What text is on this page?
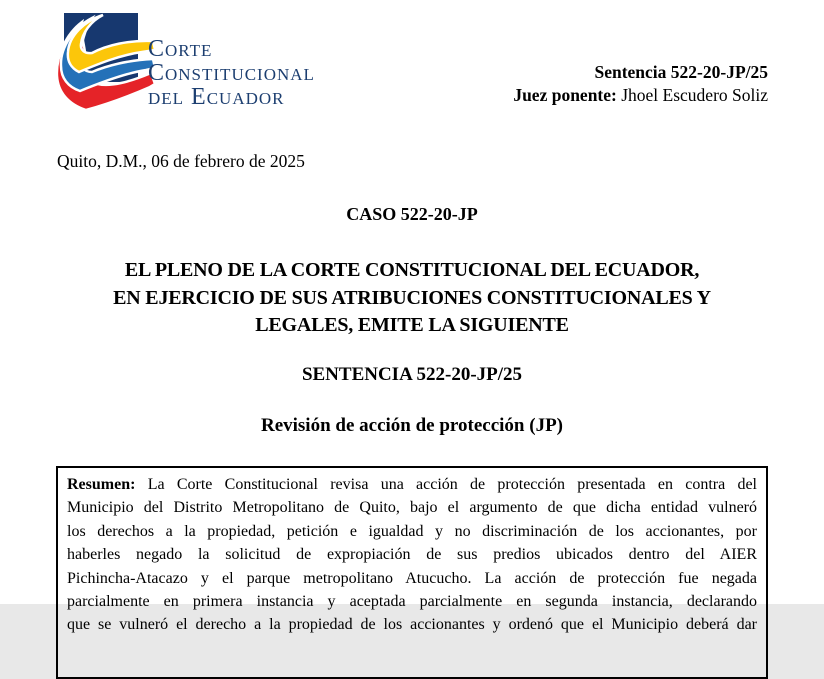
Corte
Constitucional
del Ecuador
Sentencia 522-20-JP/25
Juez ponente: Jhoel Escudero Soliz
Quito, D.M., 06 de febrero de 2025
CASO 522-20-JP
EL PLENO DE LA CORTE CONSTITUCIONAL DEL ECUADOR,
EN EJERCICIO DE SUS ATRIBUCIONES CONSTITUCIONALES Y
LEGALES, EMITE LA SIGUIENTE
SENTENCIA 522-20-JP/25
Revisión de acción de protección (JP)
Resumen: La Corte Constitucional revisa una acción de protección presentada en contra del
Municipio del Distrito Metropolitano de Quito, bajo el argumento de que dicha entidad vulneró
los derechos a la propiedad, petición e igualdad y no discriminación de los accionantes, por
haberles negado la solicitud de expropiación de sus predios ubicados dentro del AIER
Pichincha-Atacazo y el parque metropolitano Atucucho. La acción de protección fue negada
parcialmente en primera instancia y aceptada parcialmente en segunda instancia, declarando
que se vulneró el derecho a la propiedad de los accionantes y ordenó que el Municipio deberá dar
